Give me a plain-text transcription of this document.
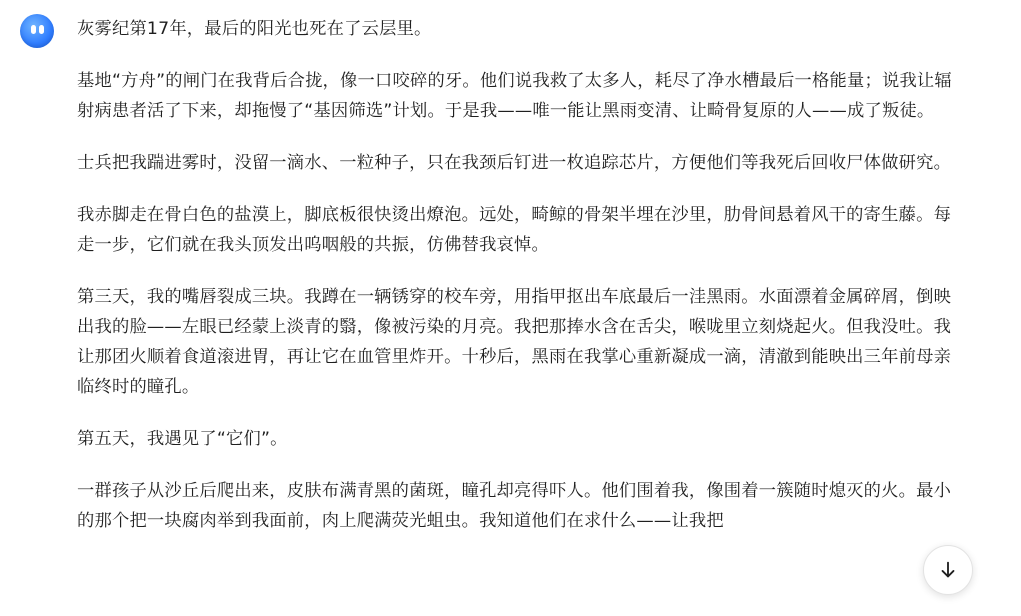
灰雾纪第17年，最后的阳光也死在了云层里。

基地“方舟”的闸门在我背后合拢，像一口咬碎的牙。他们说我救了太多人，耗尽了净水槽最后一格能量；说我让辐射病患者活了下来，却拖慢了“基因筛选”计划。于是我——唯一能让黑雨变清、让畸骨复原的人——成了叛徒。

士兵把我踹进雾时，没留一滴水、一粒种子，只在我颈后钉进一枚追踪芯片，方便他们等我死后回收尸体做研究。

我赤脚走在骨白色的盐漠上，脚底板很快烫出燎泡。远处，畸鲸的骨架半埋在沙里，肋骨间悬着风干的寄生藤。每走一步，它们就在我头顶发出呜咽般的共振，仿佛替我哀悼。

第三天，我的嘴唇裂成三块。我蹲在一辆锈穿的校车旁，用指甲抠出车底最后一洼黑雨。水面漂着金属碎屑，倒映出我的脸——左眼已经蒙上淡青的翳，像被污染的月亮。我把那捧水含在舌尖，喉咙里立刻烧起火。但我没吐。我让那团火顺着食道滚进胃，再让它在血管里炸开。十秒后，黑雨在我掌心重新凝成一滴，清澈到能映出三年前母亲临终时的瞳孔。

第五天，我遇见了“它们”。

一群孩子从沙丘后爬出来，皮肤布满青黑的菌斑，瞳孔却亮得吓人。他们围着我，像围着一簇随时熄灭的火。最小的那个把一块腐肉举到我面前，肉上爬满荧光蛆虫。我知道他们在求什么——让我把
